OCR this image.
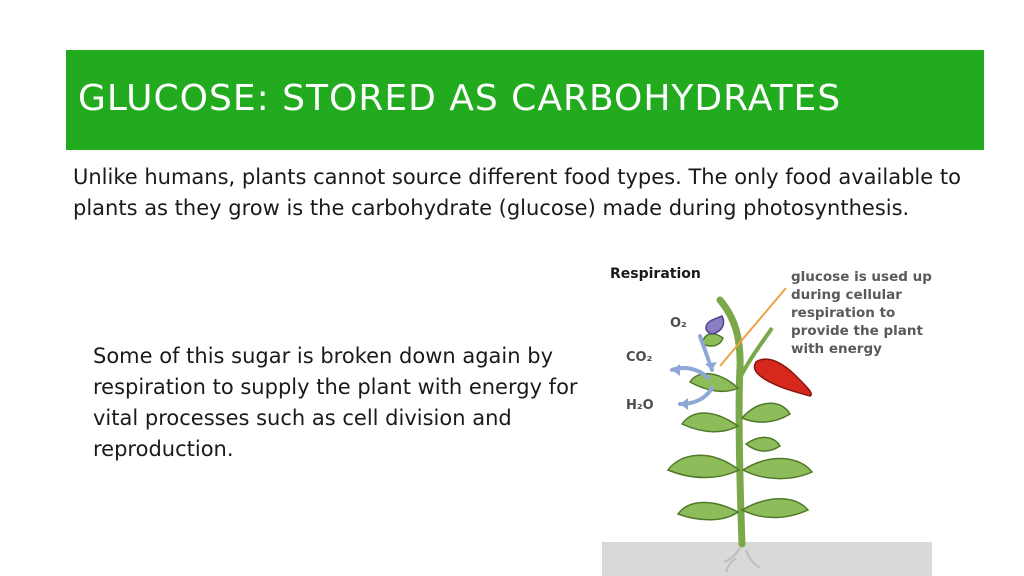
GLUCOSE: STORED AS CARBOHYDRATES

Unlike humans, plants cannot source different food types. The only food available to plants as they grow is the carbohydrate (glucose) made during photosynthesis.

Some of this sugar is broken down again by respiration to supply the plant with energy for vital processes such as cell division and reproduction.

Respiration	glucose is used up during cellular respiration to provide the plant with energy
O₂
CO₂
H₂O
